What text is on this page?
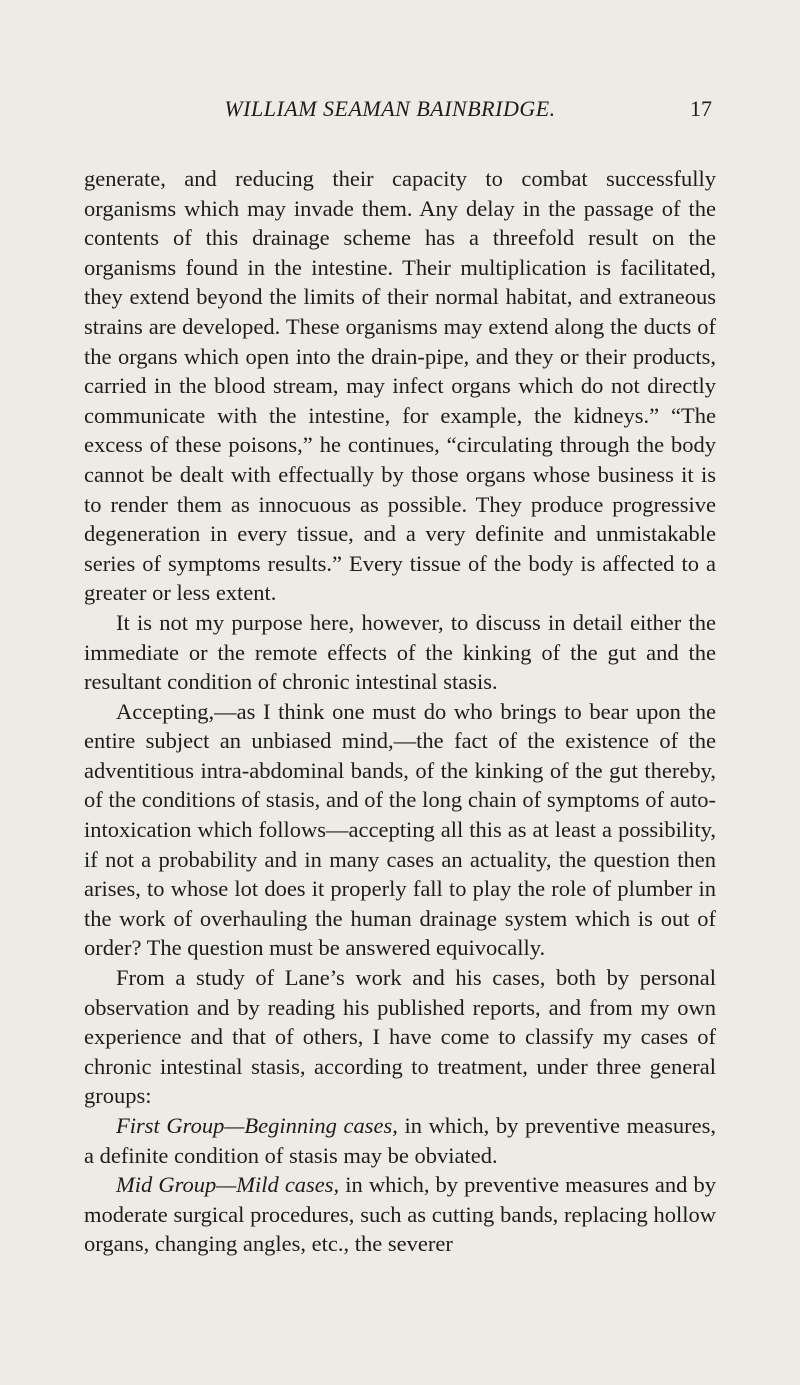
WILLIAM SEAMAN BAINBRIDGE.	17

generate, and reducing their capacity to combat successfully organisms which may invade them. Any delay in the passage of the contents of this drainage scheme has a threefold result on the organisms found in the intestine. Their multiplication is facilitated, they extend beyond the limits of their normal habitat, and extraneous strains are developed. These organisms may extend along the ducts of the organs which open into the drain-pipe, and they or their products, carried in the blood stream, may infect organs which do not directly communicate with the intestine, for example, the kidneys.” “The excess of these poisons,” he continues, “circulating through the body cannot be dealt with effectually by those organs whose business it is to render them as innocuous as possible. They produce progressive degeneration in every tissue, and a very definite and unmistakable series of symptoms results.” Every tissue of the body is affected to a greater or less extent.

It is not my purpose here, however, to discuss in detail either the immediate or the remote effects of the kinking of the gut and the resultant condition of chronic intestinal stasis.

Accepting,—as I think one must do who brings to bear upon the entire subject an unbiased mind,—the fact of the existence of the adventitious intra-abdominal bands, of the kinking of the gut thereby, of the conditions of stasis, and of the long chain of symptoms of auto-intoxication which follows—accepting all this as at least a possibility, if not a probability and in many cases an actuality, the question then arises, to whose lot does it properly fall to play the role of plumber in the work of overhauling the human drainage system which is out of order? The question must be answered equivocally.

From a study of Lane’s work and his cases, both by personal observation and by reading his published reports, and from my own experience and that of others, I have come to classify my cases of chronic intestinal stasis, according to treatment, under three general groups:

First Group—Beginning cases, in which, by preventive measures, a definite condition of stasis may be obviated.

Mid Group—Mild cases, in which, by preventive measures and by moderate surgical procedures, such as cutting bands, replacing hollow organs, changing angles, etc., the severer
